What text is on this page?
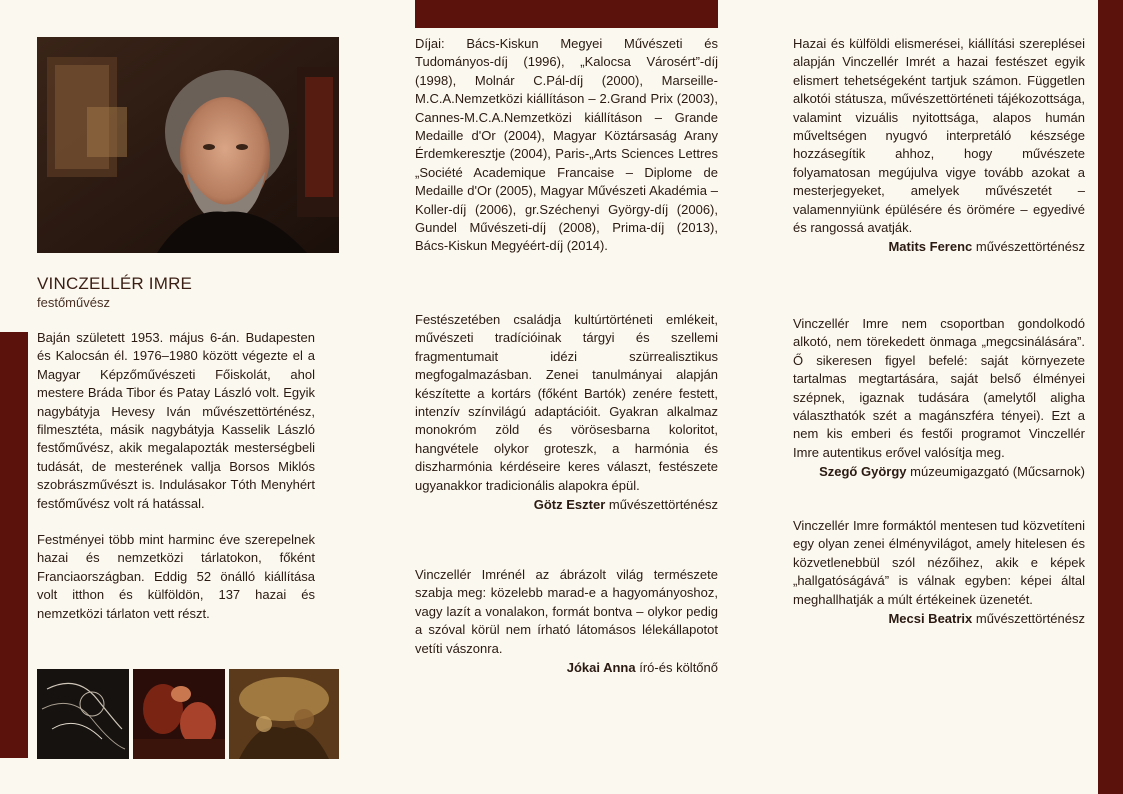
VINCZELLÉR IMRE
festőművész

Baján született 1953. május 6-án. Budapesten és Kalocsán él. 1976–1980 között végezte el a Magyar Képzőművészeti Főiskolát, ahol mestere Bráda Tibor és Patay László volt. Egyik nagybátyja Hevesy Iván művészettörténész, filmesztéta, másik nagybátyja Kasselik László festőművész, akik megalapozták mesterségbeli tudását, de mesterének vallja Borsos Miklós szobrászművészt is. Indulásakor Tóth Menyhért festőművész volt rá hatással.

Festményei több mint harminc éve szerepelnek hazai és nemzetközi tárlatokon, főként Franciaországban. Eddig 52 önálló kiállítása volt itthon és külföldön, 137 hazai és nemzetközi tárlaton vett részt.

Díjai: Bács-Kiskun Megyei Művészeti és Tudományos-díj (1996), „Kalocsa Városért”-díj (1998), Molnár C.Pál-díj (2000), Marseille-M.C.A.Nemzetközi kiállításon – 2.Grand Prix (2003), Cannes-M.C.A.Nemzetközi kiállításon – Grande Medaille d'Or (2004), Magyar Köztársaság Arany Érdemkeresztje (2004), Paris-„Arts Sciences Lettres „Société Academique Francaise – Diplome de Medaille d'Or (2005), Magyar Művészeti Akadémia – Koller-díj (2006), gr.Széchenyi György-díj (2006), Gundel Művészeti-díj (2008), Prima-díj (2013), Bács-Kiskun Megyéért-díj (2014).

Festészetében családja kultúrtörténeti emlékeit, művészeti tradícióinak tárgyi és szellemi fragmentumait idézi szürrealisztikus megfogalmazásban. Zenei tanulmányai alapján készítette a kortárs (főként Bartók) zenére festett, intenzív színvilágú adaptációit. Gyakran alkalmaz monokróm zöld és vörösesbarna koloritot, hangvétele olykor groteszk, a harmónia és diszharmónia kérdéseire keres választ, festészete ugyanakkor tradicionális alapokra épül.

Götz Eszter művészettörténész

Vinczellér Imrénél az ábrázolt világ természete szabja meg: közelebb marad-e a hagyományoshoz, vagy lazít a vonalakon, formát bontva – olykor pedig a szóval körül nem írható látomásos lélekállapotot vetíti vászonra.

Jókai Anna író-és költőnő

Hazai és külföldi elismerései, kiállítási szereplései alapján Vinczellér Imrét a hazai festészet egyik elismert tehetségeként tartjuk számon. Független alkotói státusza, művészettörténeti tájékozottsága, valamint vizuális nyitottsága, alapos humán műveltségen nyugvó interpretáló készsége hozzásegítik ahhoz, hogy művészete folyamatosan megújulva vigye tovább azokat a mesterjegyeket, amelyek művészetét – valamennyiünk épülésére és örömére – egyedivé és rangossá avatják.

Matits Ferenc művészettörténész

Vinczellér Imre nem csoportban gondolkodó alkotó, nem törekedett önmaga „megcsinálására”. Ő sikeresen figyel befelé: saját környezete tartalmas megtartására, saját belső élményei szépnek, igaznak tudására (amelytől aligha választhatók szét a magánszféra tényei). Ezt a nem kis emberi és festői programot Vinczellér Imre autentikus erővel valósítja meg.

Szegő György múzeumigazgató (Műcsarnok)

Vinczellér Imre formáktól mentesen tud közvetíteni egy olyan zenei élményvilágot, amely hitelesen és közvetlenebbül szól nézőihez, akik e képek „hallgatóságává” is válnak egyben: képei által meghallhatják a múlt értékeinek üzenetét.

Mecsi Beatrix művészettörténész
